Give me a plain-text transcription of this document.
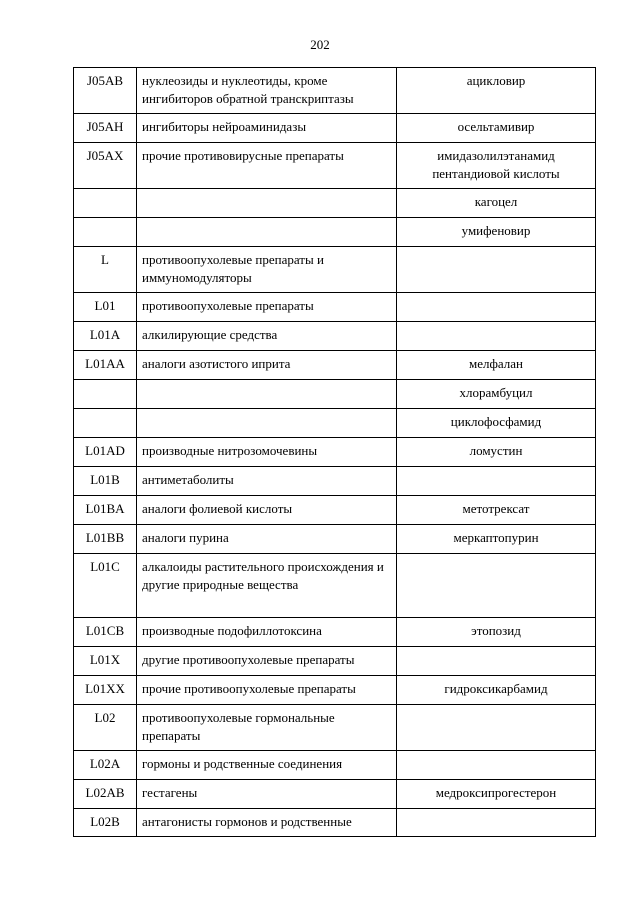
202
J05AB	нуклеозиды и нуклеотиды, кроме ингибиторов обратной транскриптазы	ацикловир
J05AH	ингибиторы нейроаминидазы	осельтамивир
J05AX	прочие противовирусные препараты	имидазолилэтанамид пентандиовой кислоты
		кагоцел
		умифеновир
L	противоопухолевые препараты и иммуномодуляторы	
L01	противоопухолевые препараты	
L01A	алкилирующие средства	
L01AA	аналоги азотистого иприта	мелфалан
		хлорамбуцил
		циклофосфамид
L01AD	производные нитрозомочевины	ломустин
L01B	антиметаболиты	
L01BA	аналоги фолиевой кислоты	метотрексат
L01BB	аналоги пурина	меркаптопурин
L01C	алкалоиды растительного происхождения и другие природные вещества	
L01CB	производные подофиллотоксина	этопозид
L01X	другие противоопухолевые препараты	
L01XX	прочие противоопухолевые препараты	гидроксикарбамид
L02	противоопухолевые гормональные препараты	
L02A	гормоны и родственные соединения	
L02AB	гестагены	медроксипрогестерон
L02B	антагонисты гормонов и родственные	
